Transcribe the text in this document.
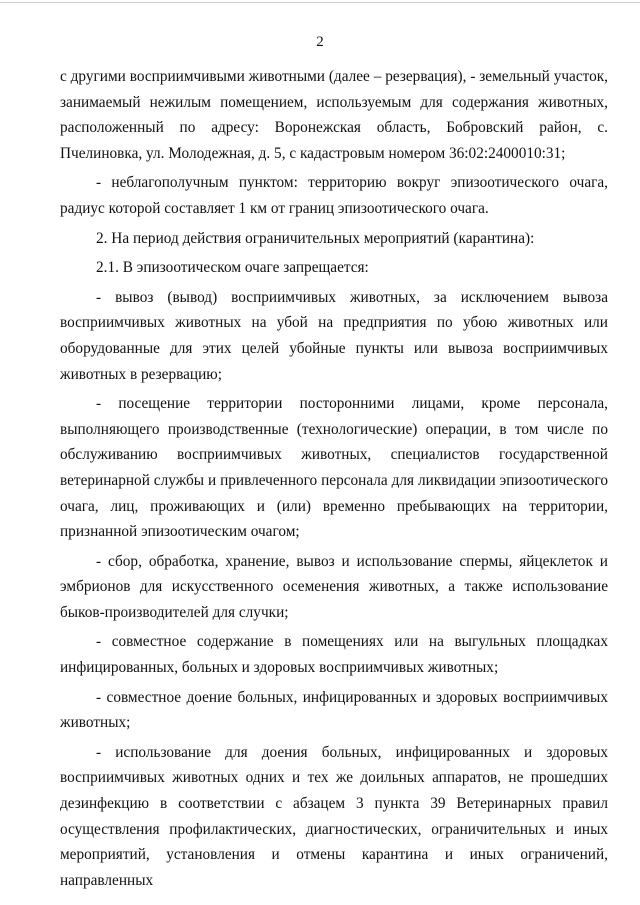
2

с другими восприимчивыми животными (далее – резервация), - земельный участок, занимаемый нежилым помещением, используемым для содержания животных, расположенный по адресу: Воронежская область, Бобровский район, с. Пчелиновка, ул. Молодежная, д. 5, с кадастровым номером 36:02:2400010:31;

- неблагополучным пунктом: территорию вокруг эпизоотического очага, радиус которой составляет 1 км от границ эпизоотического очага.

2. На период действия ограничительных мероприятий (карантина):

2.1. В эпизоотическом очаге запрещается:

- вывоз (вывод) восприимчивых животных, за исключением вывоза восприимчивых животных на убой на предприятия по убою животных или оборудованные для этих целей убойные пункты или вывоза восприимчивых животных в резервацию;

- посещение территории посторонними лицами, кроме персонала, выполняющего производственные (технологические) операции, в том числе по обслуживанию восприимчивых животных, специалистов государственной ветеринарной службы и привлеченного персонала для ликвидации эпизоотического очага, лиц, проживающих и (или) временно пребывающих на территории, признанной эпизоотическим очагом;

- сбор, обработка, хранение, вывоз и использование спермы, яйцеклеток и эмбрионов для искусственного осеменения животных, а также использование быков-производителей для случки;

- совместное содержание в помещениях или на выгульных площадках инфицированных, больных и здоровых восприимчивых животных;

- совместное доение больных, инфицированных и здоровых восприимчивых животных;

- использование для доения больных, инфицированных и здоровых восприимчивых животных одних и тех же доильных аппаратов, не прошедших дезинфекцию в соответствии с абзацем 3 пункта 39 Ветеринарных правил осуществления профилактических, диагностических, ограничительных и иных мероприятий, установления и отмены карантина и иных ограничений, направленных
